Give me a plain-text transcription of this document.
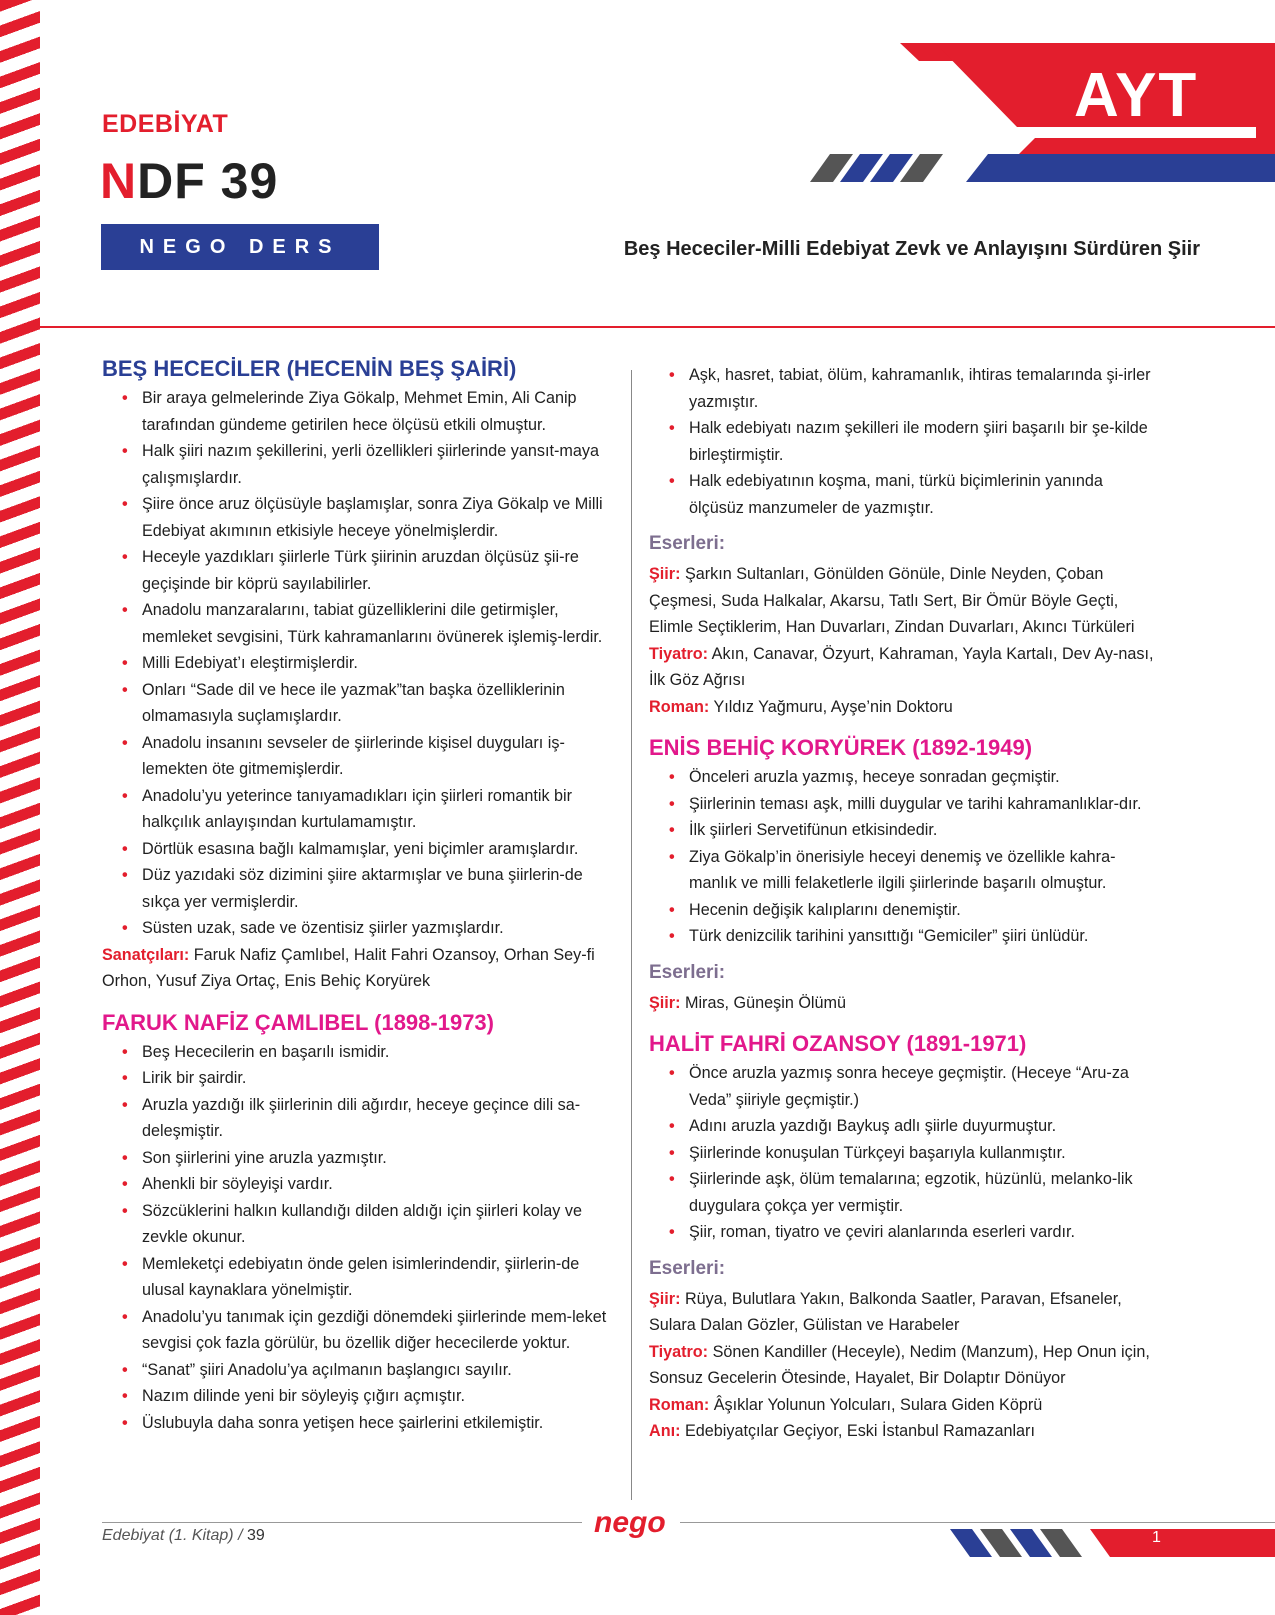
AYT
EDEBİYAT
NDF 39
NEGO DERS FÖYÜ
Beş Hececiler-Milli Edebiyat Zevk ve Anlayışını Sürdüren Şiir
BEŞ HECECİLER (HECENİN BEŞ ŞAİRİ)
• Bir araya gelmelerinde Ziya Gökalp, Mehmet Emin, Ali Canip tarafından gündeme getirilen hece ölçüsü etkili olmuştur.
• Halk şiiri nazım şekillerini, yerli özellikleri şiirlerinde yansıt-maya çalışmışlardır.
• Şiire önce aruz ölçüsüyle başlamışlar, sonra Ziya Gökalp ve Milli Edebiyat akımının etkisiyle heceye yönelmişlerdir.
• Heceyle yazdıkları şiirlerle Türk şiirinin aruzdan ölçüsüz şii-re geçişinde bir köprü sayılabilirler.
• Anadolu manzaralarını, tabiat güzelliklerini dile getirmişler, memleket sevgisini, Türk kahramanlarını övünerek işlemiş-lerdir.
• Milli Edebiyat’ı eleştirmişlerdir.
• Onları “Sade dil ve hece ile yazmak”tan başka özelliklerinin olmamasıyla suçlamışlardır.
• Anadolu insanını sevseler de şiirlerinde kişisel duyguları iş-lemekten öte gitmemişlerdir.
• Anadolu’yu yeterince tanıyamadıkları için şiirleri romantik bir halkçılık anlayışından kurtulamamıştır.
• Dörtlük esasına bağlı kalmamışlar, yeni biçimler aramışlardır.
• Düz yazıdaki söz dizimini şiire aktarmışlar ve buna şiirlerin-de sıkça yer vermişlerdir.
• Süsten uzak, sade ve özentisiz şiirler yazmışlardır.

Sanatçıları: Faruk Nafiz Çamlıbel, Halit Fahri Ozansoy, Orhan Sey-fi Orhon, Yusuf Ziya Ortaç, Enis Behiç Koryürek

FARUK NAFİZ ÇAMLIBEL (1898-1973)
• Beş Hececilerin en başarılı ismidir.
• Lirik bir şairdir.
• Aruzla yazdığı ilk şiirlerinin dili ağırdır, heceye geçince dili sa-deleşmiştir.
• Son şiirlerini yine aruzla yazmıştır.
• Ahenkli bir söyleyişi vardır.
• Sözcüklerini halkın kullandığı dilden aldığı için şiirleri kolay ve zevkle okunur.
• Memleketçi edebiyatın önde gelen isimlerindendir, şiirlerin-de ulusal kaynaklara yönelmiştir.
• Anadolu’yu tanımak için gezdiği dönemdeki şiirlerinde mem-leket sevgisi çok fazla görülür, bu özellik diğer hececilerde yoktur.
• “Sanat” şiiri Anadolu’ya açılmanın başlangıcı sayılır.
• Nazım dilinde yeni bir söyleyiş çığırı açmıştır.
• Üslubuyla daha sonra yetişen hece şairlerini etkilemiştir.
• Aşk, hasret, tabiat, ölüm, kahramanlık, ihtiras temalarında şi-irler yazmıştır.
• Halk edebiyatı nazım şekilleri ile modern şiiri başarılı bir şe-kilde birleştirmiştir.
• Halk edebiyatının koşma, mani, türkü biçimlerinin yanında ölçüsüz manzumeler de yazmıştır.
Eserleri:

Şiir: Şarkın Sultanları, Gönülden Gönüle, Dinle Neyden, Çoban Çeşmesi, Suda Halkalar, Akarsu, Tatlı Sert, Bir Ömür Böyle Geçti, Elimle Seçtiklerim, Han Duvarları, Zindan Duvarları, Akıncı Türküleri

Tiyatro: Akın, Canavar, Özyurt, Kahraman, Yayla Kartalı, Dev Ay-nası, İlk Göz Ağrısı

Roman: Yıldız Yağmuru, Ayşe’nin Doktoru

ENİS BEHİÇ KORYÜREK (1892-1949)
• Önceleri aruzla yazmış, heceye sonradan geçmiştir.
• Şiirlerinin teması aşk, milli duygular ve tarihi kahramanlıklar-dır.
• İlk şiirleri Servetifünun etkisindedir.
• Ziya Gökalp’in önerisiyle heceyi denemiş ve özellikle kahra-manlık ve milli felaketlerle ilgili şiirlerinde başarılı olmuştur.
• Hecenin değişik kalıplarını denemiştir.
• Türk denizcilik tarihini yansıttığı “Gemiciler” şiiri ünlüdür.
Eserleri:

Şiir: Miras, Güneşin Ölümü

HALİT FAHRİ OZANSOY (1891-1971)
• Önce aruzla yazmış sonra heceye geçmiştir. (Heceye “Aru-za Veda” şiiriyle geçmiştir.)
• Adını aruzla yazdığı Baykuş adlı şiirle duyurmuştur.
• Şiirlerinde konuşulan Türkçeyi başarıyla kullanmıştır.
• Şiirlerinde aşk, ölüm temalarına; egzotik, hüzünlü, melanko-lik duygulara çokça yer vermiştir.
• Şiir, roman, tiyatro ve çeviri alanlarında eserleri vardır.
Eserleri:

Şiir: Rüya, Bulutlara Yakın, Balkonda Saatler, Paravan, Efsaneler, Sulara Dalan Gözler, Gülistan ve Harabeler

Tiyatro: Sönen Kandiller (Heceyle), Nedim (Manzum), Hep Onun için, Sonsuz Gecelerin Ötesinde, Hayalet, Bir Dolaptır Dönüyor

Roman: Âşıklar Yolunun Yolcuları, Sulara Giden Köprü

Anı: Edebiyatçılar Geçiyor, Eski İstanbul Ramazanları

Edebiyat (1. Kitap) / 39	nego	1
